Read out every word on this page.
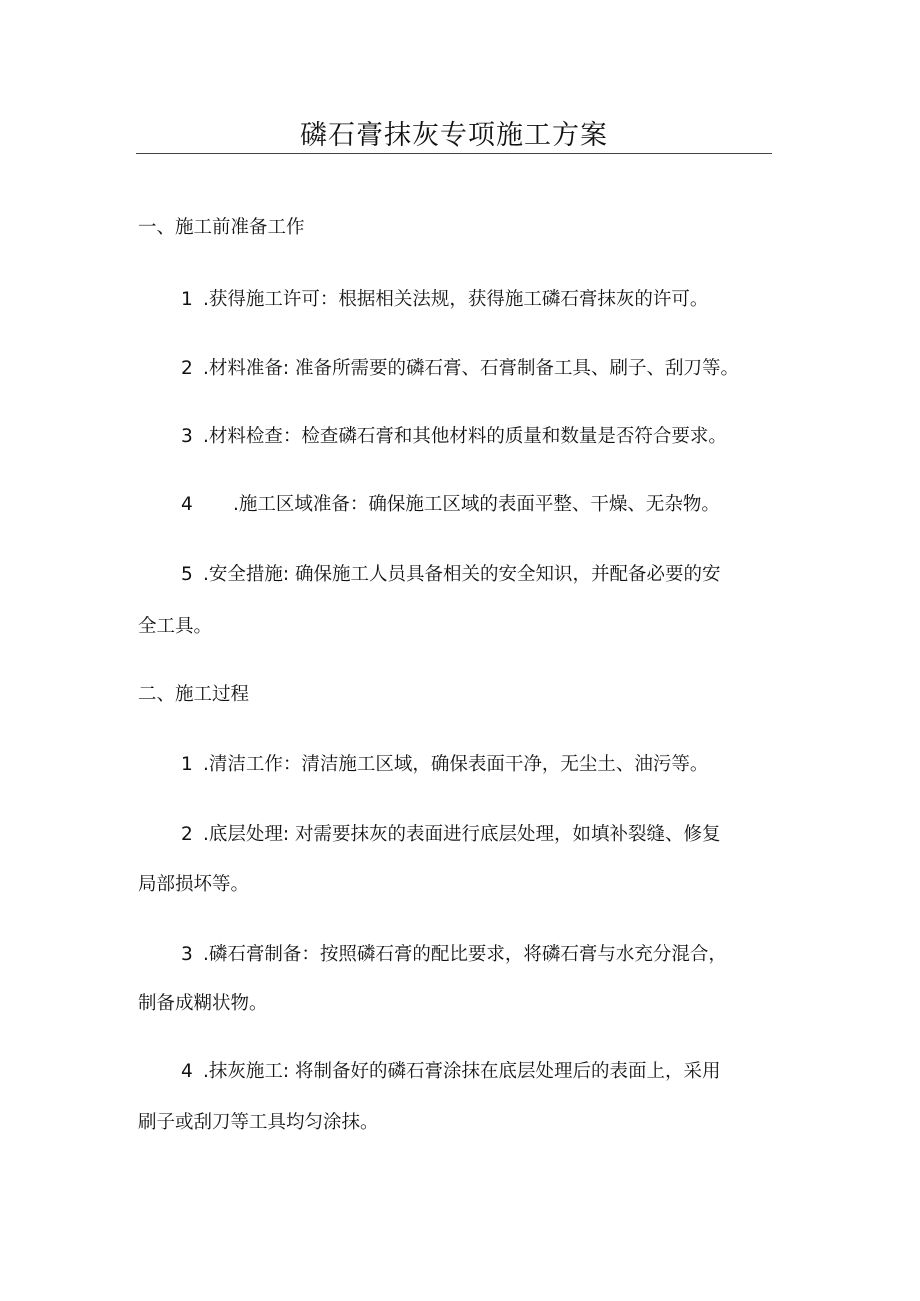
磷石膏抹灰专项施工方案
一、施工前准备工作
1 .获得施工许可：根据相关法规，获得施工磷石膏抹灰的许可。
2 .材料准备: 准备所需要的磷石膏、石膏制备工具、刷子、刮刀等。
3 .材料检查：检查磷石膏和其他材料的质量和数量是否符合要求。
4 .施工区域准备：确保施工区域的表面平整、干燥、无杂物。
5 .安全措施: 确保施工人员具备相关的安全知识，并配备必要的安
全工具。
二、施工过程
1 .清洁工作：清洁施工区域，确保表面干净，无尘土、油污等。
2 .底层处理: 对需要抹灰的表面进行底层处理，如填补裂缝、修复
局部损坏等。
3 .磷石膏制备：按照磷石膏的配比要求，将磷石膏与水充分混合，
制备成糊状物。
4 .抹灰施工: 将制备好的磷石膏涂抹在底层处理后的表面上，采用
刷子或刮刀等工具均匀涂抹。
